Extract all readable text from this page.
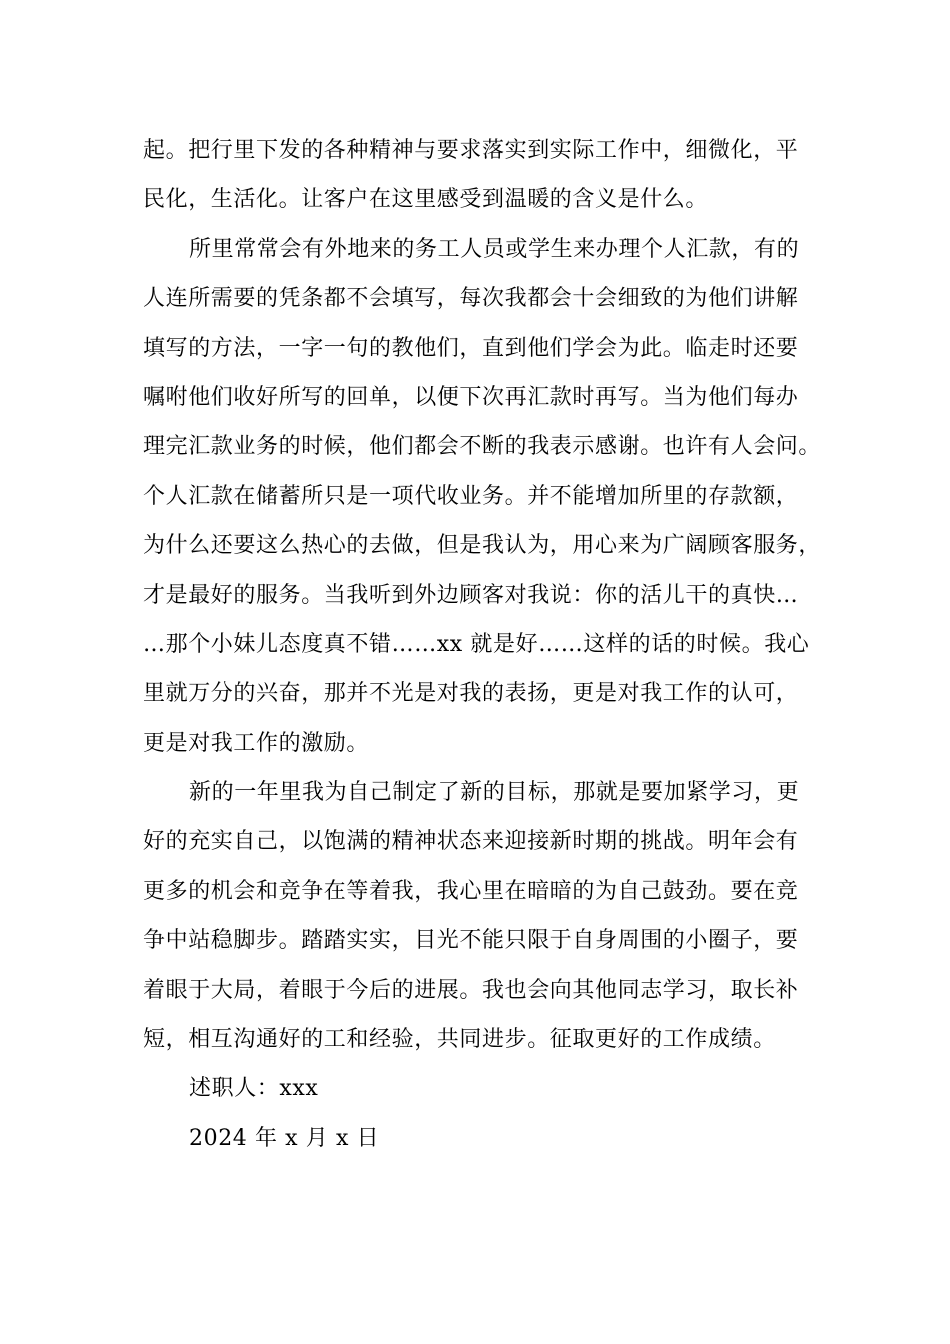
起。把行里下发的各种精神与要求落实到实际工作中，细微化，平
民化，生活化。让客户在这里感受到温暖的含义是什么。
所里常常会有外地来的务工人员或学生来办理个人汇款，有的
人连所需要的凭条都不会填写，每次我都会十会细致的为他们讲解
填写的方法，一字一句的教他们，直到他们学会为此。临走时还要
嘱咐他们收好所写的回单，以便下次再汇款时再写。当为他们每办
理完汇款业务的时候，他们都会不断的我表示感谢。也许有人会问。
个人汇款在储蓄所只是一项代收业务。并不能增加所里的存款额，
为什么还要这么热心的去做，但是我认为，用心来为广阔顾客服务，
才是最好的服务。当我听到外边顾客对我说：你的活儿干的真快…
…那个小妹儿态度真不错……xx 就是好……这样的话的时候。我心
里就万分的兴奋，那并不光是对我的表扬，更是对我工作的认可，
更是对我工作的激励。
新的一年里我为自己制定了新的目标，那就是要加紧学习，更
好的充实自己，以饱满的精神状态来迎接新时期的挑战。明年会有
更多的机会和竞争在等着我，我心里在暗暗的为自己鼓劲。要在竞
争中站稳脚步。踏踏实实，目光不能只限于自身周围的小圈子，要
着眼于大局，着眼于今后的进展。我也会向其他同志学习，取长补
短，相互沟通好的工和经验，共同进步。征取更好的工作成绩。
述职人：xxx
2024 年 x 月 x 日
